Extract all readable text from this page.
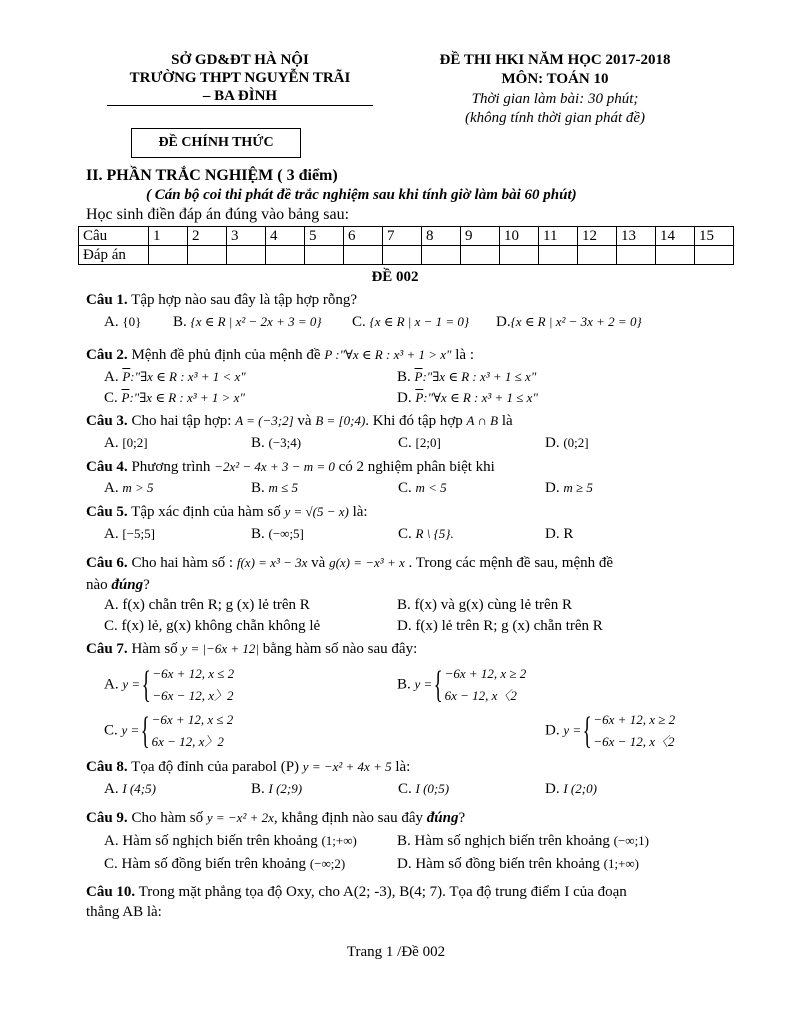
SỞ GD&ĐT HÀ NỘI
TRƯỜNG THPT NGUYỄN TRÃI
– BA ĐÌNH
ĐỀ CHÍNH THỨC
ĐỀ THI HKI NĂM HỌC 2017-2018
MÔN: TOÁN 10
Thời gian làm bài: 30 phút;
(không tính thời gian phát đề)
II. PHẦN TRẮC NGHIỆM ( 3 điểm)
( Cán bộ coi thi phát đề trắc nghiệm sau khi tính giờ làm bài 60 phút)
Học sinh điền đáp án đúng vào bảng sau:
Câu	1	2	3	4	5	6	7	8	9	10	11	12	13	14	15
Đáp án															
ĐỀ 002
Câu 1. Tập hợp nào sau đây là tập hợp rỗng?
A. {0} B. {x ∈ R | x² − 2x + 3 = 0} C. {x ∈ R | x − 1 = 0} D.{x ∈ R | x² − 3x + 2 = 0}
Câu 2. Mệnh đề phủ định của mệnh đề P :"∀x ∈ R : x³ + 1 > x" là :
A. $\overline{P}:"\exists x$ ∈ R : x³ + 1 < x"	B. $\overline{P}:"\exists x$ ∈ R : x³ + 1 ≤ x"
C. $\overline{P}:"\exists x$ ∈ R : x³ + 1 > x"	D. $\overline{P}:"\forall x$ ∈ R : x³ + 1 ≤ x"
Câu 3. Cho hai tập hợp: A = (−3;2] và B = [0;4). Khi đó tập hợp A ∩ B là
A. [0;2]	B. (−3;4)	C. [2;0]	D. (0;2]
Câu 4. Phương trình −2x² − 4x + 3 − m = 0 có 2 nghiệm phân biệt khi
A. m > 5	B. m ≤ 5	C. m < 5	D. m ≥ 5
Câu 5. Tập xác định của hàm số y = √(5 − x) là:
A. [−5;5]	B. (−∞;5]	C. R \ {5}.	D. R
Câu 6. Cho hai hàm số : f(x) = x³ − 3x và g(x) = −x³ + x . Trong các mệnh đề sau, mệnh đề
nào đúng?
A. f(x) chẵn trên R; g (x) lẻ trên R	B. f(x) và g(x) cùng lẻ trên R
C. f(x) lẻ, g(x) không chẵn không lẻ	D. f(x) lẻ trên R; g (x) chẵn trên R
Câu 7. Hàm số y = |−6x + 12| bằng hàm số nào sau đây:
A. y ={ −6x + 12, x ≤ 2
−6x − 12, x〉2
B. y ={ −6x + 12, x ≥ 2
6x − 12, x〈2
C. y ={ −6x + 12, x ≤ 2
6x − 12, x〉2
D. y ={ −6x + 12, x ≥ 2
−6x − 12, x〈2
Câu 8. Tọa độ đỉnh của parabol (P) y = −x² + 4x + 5 là:
A. I (4;5)	B. I (2;9)	C. I (0;5)	D. I (2;0)
Câu 9. Cho hàm số y = −x² + 2x, khẳng định nào sau đây đúng?
A. Hàm số nghịch biến trên khoảng (1;+∞)	B. Hàm số nghịch biến trên khoảng (−∞;1)
C. Hàm số đồng biến trên khoảng (−∞;2)	D. Hàm số đồng biến trên khoảng (1;+∞)
Câu 10. Trong mặt phẳng tọa độ Oxy, cho A(2; -3), B(4; 7). Tọa độ trung điểm I của đoạn
thẳng AB là:
Trang 1 /Đề 002
